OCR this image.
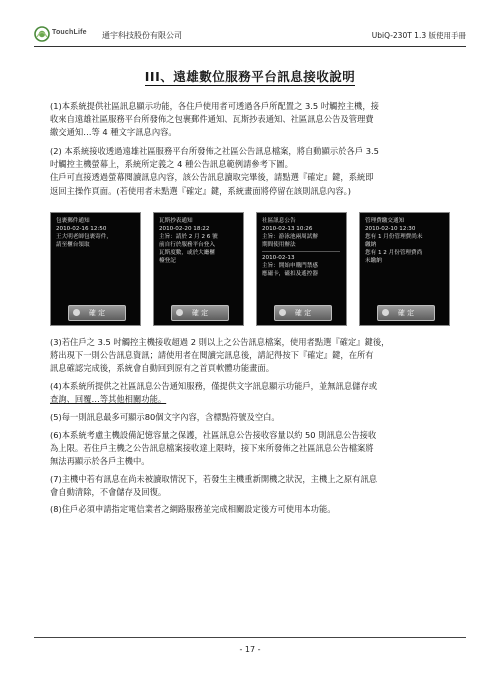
TouchLife 通宇科技股份有限公司	UbiQ-230T 1.3 版使用手冊
III、遠雄數位服務平台訊息接收說明
(1)本系統提供社區訊息顯示功能，各住戶使用者可透過各戶所配置之 3.5 吋觸控主機，接
收來自遠雄社區服務平台所發佈之包裹郵件通知、瓦斯抄表通知、社區訊息公告及管理費
繳交通知…等 4 種文字訊息內容。
(2) 本系統接收透過遠雄社區服務平台所發佈之社區公告訊息檔案，將自動顯示於各戶 3.5
吋觸控主機螢幕上，系統所定義之 4 種公告訊息範例請參考下圖。
住戶可直接透過螢幕閱讀訊息內容，該公告訊息讀取完畢後，請點選『確定』鍵，系統即
返回主操作頁面。(若使用者未點選『確定』鍵，系統畫面將停留在該則訊息內容。)
包裹郵件通知
2010-02-16 12:50
王大明老師包裹寄件，
請至櫃台領取
確 定
瓦斯抄表通知
2010-02-20 18:22
主旨：請於 2 月 2 6 號
前自行於服務平台登入
瓦斯度數，或於大廳櫃
檯登記
確 定
社區訊息公告
2010-02-13 10:26
主旨：游泳池兩周試辦
期間使用辦法
2010-02-13
主旨：開始申購門禁感
應磁卡，磁扣及遙控器
確 定
管理費繳交通知
2010-02-10 12:30
您有 1 月份管理費尚未
繳納
您有 1 2 月份管理費尚
未繳納
確 定
(3)若住戶之 3.5 吋觸控主機接收超過 2 則以上之公告訊息檔案，使用者點選『確定』鍵後，
將出現下一則公告訊息資訊；請使用者在閱讀完訊息後，請記得按下『確定』鍵，在所有
訊息確認完成後，系統會自動回到原有之首頁軟體功能畫面。
(4)本系統所提供之社區訊息公告通知服務，僅提供文字訊息顯示功能戶，並無訊息儲存或
查詢、回覆…等其他相關功能。
(5)每一則訊息最多可顯示80個文字內容，含標點符號及空白。
(6)本系統考慮主機設備記憶容量之保護，社區訊息公告接收容量以約 50 則訊息公告接收
為上限。若住戶主機之公告訊息檔案接收達上限時，接下來所發佈之社區訊息公告檔案將
無法再顯示於各戶主機中。
(7)主機中若有訊息在尚未被讀取情況下，若發生主機重新開機之狀況，主機上之原有訊息
會自動清除，不會儲存及回復。
(8)住戶必須申請指定電信業者之網路服務並完成相關設定後方可使用本功能。
- 17 -
